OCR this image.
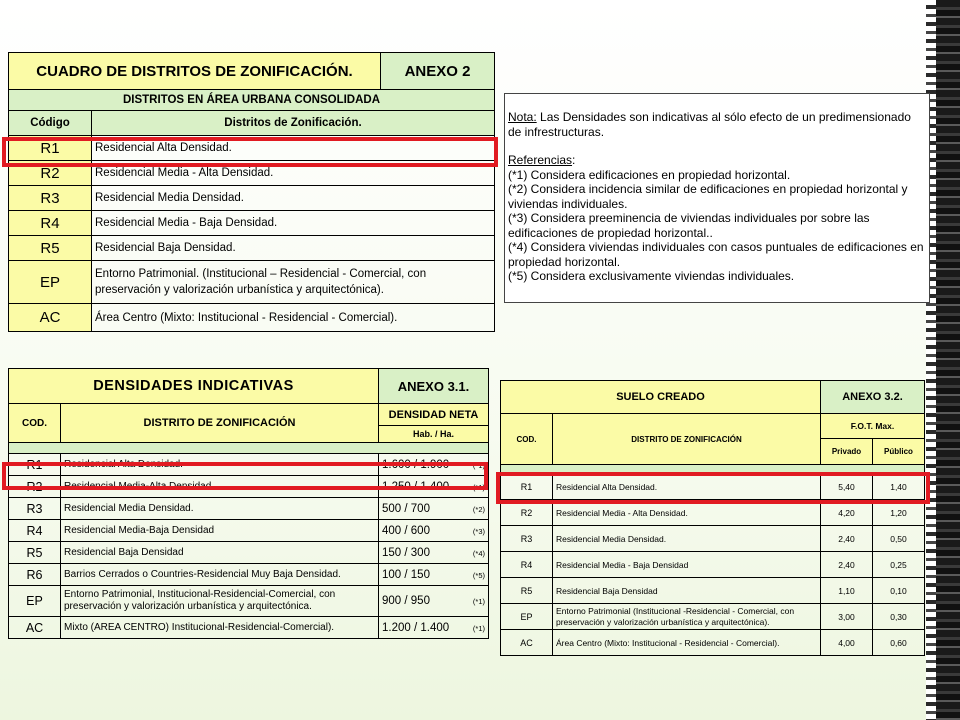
CUADRO DE DISTRITOS DE ZONIFICACIÓN.		ANEXO 2
DISTRITOS EN ÁREA URBANA CONSOLIDADA		
Código	Distritos de Zonificación.	
R1	Residencial Alta Densidad.	
R2	Residencial Media - Alta Densidad.	
R3	Residencial Media Densidad.	
R4	Residencial Media - Baja Densidad.	
R5	Residencial Baja Densidad.	
EP	Entorno Patrimonial. (Institucional – Residencial - Comercial, con preservación y valorización urbanística y arquitectónica).	
AC	Área Centro (Mixto: Institucional - Residencial - Comercial).	

Nota: Las Densidades son indicativas al sólo efecto de un predimensionado de infrestructuras.

Referencias:

(*1) Considera edificaciones en propiedad horizontal.

(*2) Considera incidencia similar de edificaciones en propiedad horizontal y viviendas individuales.

(*3) Considera preeminencia de viviendas individuales por sobre las edificaciones de propiedad horizontal..

(*4) Considera viviendas individuales con casos puntuales de edificaciones en propiedad horizontal.

(*5) Considera exclusivamente viviendas individuales.

DENSIDADES INDICATIVAS		ANEXO 3.1.
COD.	DISTRITO DE ZONIFICACIÓN	DENSIDAD NETA
		Hab. / Ha.

R1	Residencial Alta Densidad.	1.600 / 1.900 (*1)

R2	Residencial Media-Alta Densidad.	1.250 / 1.400 (*1)

R3	Residencial Media Densidad.	500 / 700 (*2)

R4	Residencial Media-Baja Densidad	400 / 600 (*3)

R5	Residencial Baja Densidad	150 / 300 (*4)

R6	Barrios Cerrados o Countries-Residencial Muy Baja Densidad.	100 / 150 (*5)

EP	Entorno Patrimonial, Institucional-Residencial-Comercial, con preservación y valorización urbanística y arquitectónica.	900 / 950 (*1)

AC	Mixto (AREA CENTRO) Institucional-Residencial-Comercial).	1.200 / 1.400 (*1)
SUELO CREADO		ANEXO 3.2.	
COD.	DISTRITO DE ZONIFICACIÓN	F.O.T. Max.	
		Privado	Público

R1	Residencial Alta Densidad.	5,40	1,40
R2	Residencial Media - Alta Densidad.	4,20	1,20
R3	Residencial Media Densidad.	2,40	0,50
R4	Residencial Media - Baja Densidad	2,40	0,25
R5	Residencial Baja Densidad	1,10	0,10
EP	Entorno Patrimonial (Institucional -Residencial - Comercial, con preservación y valorización urbanística y arquitectónica).	3,00	0,30
AC	Área Centro (Mixto: Institucional - Residencial - Comercial).	4,00	0,60
